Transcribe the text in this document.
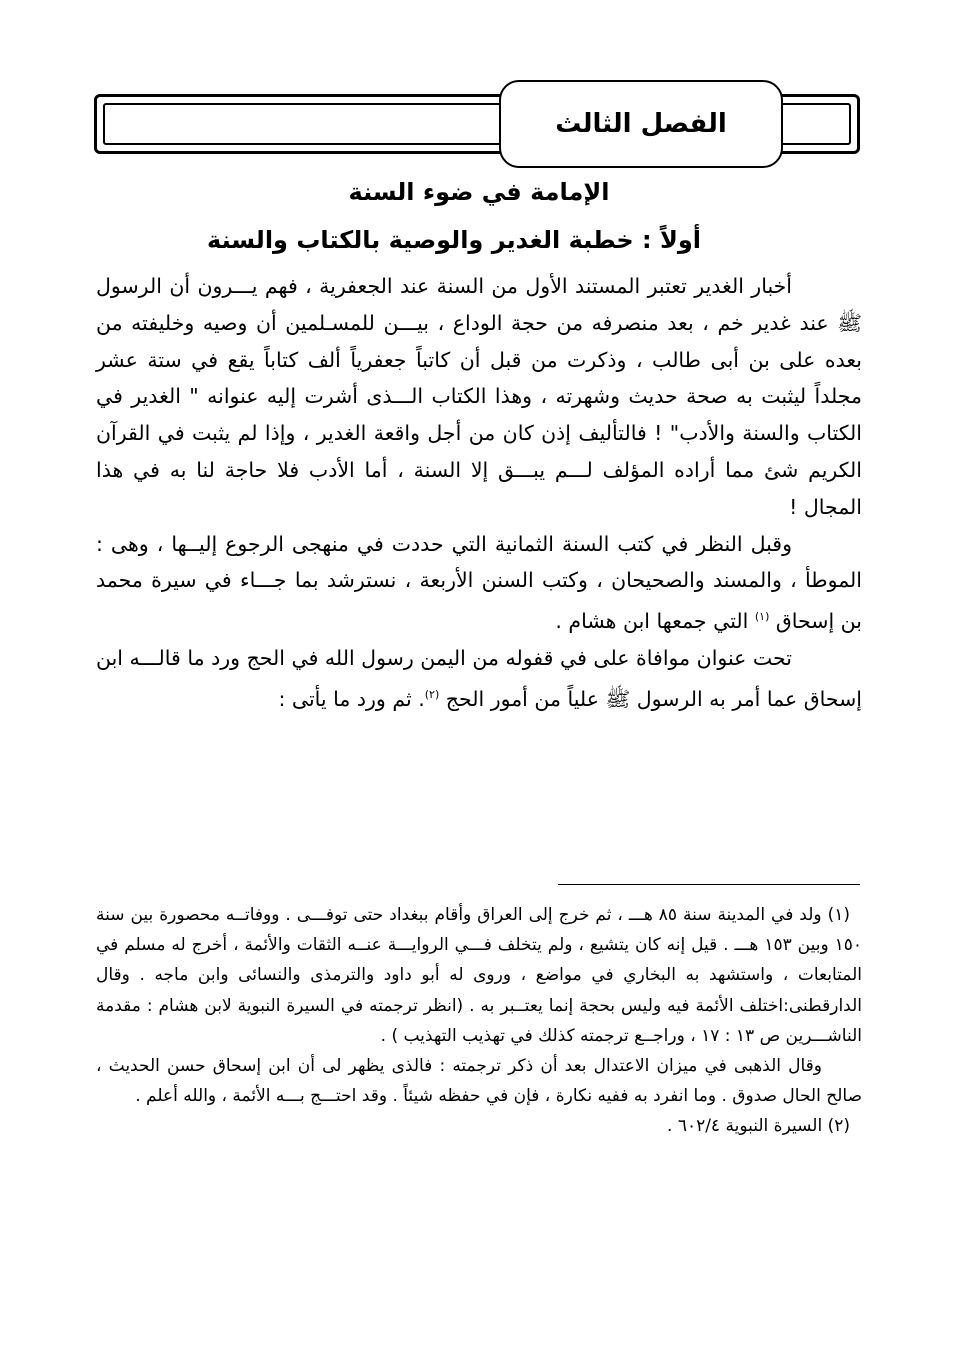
الفصل الثالث
الإمامة في ضوء السنة
أولاً : خطبة الغدير والوصية بالكتاب والسنة

أخبار الغدير تعتبر المستند الأول من السنة عند الجعفرية ، فهم يـــرون أن الرسول ﷺ عند غدير خم ، بعد منصرفه من حجة الوداع ، بيـــن للمسـلمين أن وصيه وخليفته من بعده على بن أبى طالب ، وذكرت من قبل أن كاتباً جعفرياً ألف كتاباً يقع في ستة عشر مجلداً ليثبت به صحة حديث وشهرته ، وهذا الكتاب الـــذى أشرت إليه عنوانه " الغدير في الكتاب والسنة والأدب" ! فالتأليف إذن كان من أجل واقعة الغدير ، وإذا لم يثبت في القرآن الكريم شئ مما أراده المؤلف لـــم يبـــق إلا السنة ، أما الأدب فلا حاجة لنا به في هذا المجال !

وقبل النظر في كتب السنة الثمانية التي حددت في منهجى الرجوع إليــها ، وهى : الموطأ ، والمسند والصحيحان ، وكتب السنن الأربعة ، نسترشد بما جـــاء في سيرة محمد بن إسحاق $^{(١)}$ التي جمعها ابن هشام .

تحت عنوان موافاة على في قفوله من اليمن رسول الله في الحج ورد ما قالـــه ابن إسحاق عما أمر به الرسول ﷺ علياً من أمور الحج $^{(٢)}$. ثم ورد ما يأتى :

(١) ولد في المدينة سنة ٨٥ هـــ ، ثم خرج إلى العراق وأقام ببغداد حتى توفـــى . ووفاتــه محصورة بين سنة ١٥٠ وبين ١٥٣ هـــ . قيل إنه كان يتشيع ، ولم يتخلف فـــي الروايـــة عنــه الثقات والأئمة ، أخرج له مسلم في المتابعات ، واستشهد به البخاري في مواضع ، وروى له أبو داود والترمذى والنسائى وابن ماجه . وقال الدارقطنى:اختلف الأئمة فيه وليس بحجة إنما يعتــبر به . (انظر ترجمته في السيرة النبوية لابن هشام : مقدمة الناشـــرين ص ١٣ : ١٧ ، وراجــع ترجمته كذلك في تهذيب التهذيب ) .

وقال الذهبى في ميزان الاعتدال بعد أن ذكر ترجمته : فالذى يظهر لى أن ابن إسحاق حسن الحديث ، صالح الحال صدوق . وما انفرد به ففيه نكارة ، فإن في حفظه شيئاً . وقد احتـــج بـــه الأئمة ، والله أعلم .

(٢) السيرة النبوية ٦٠٢/٤ .
